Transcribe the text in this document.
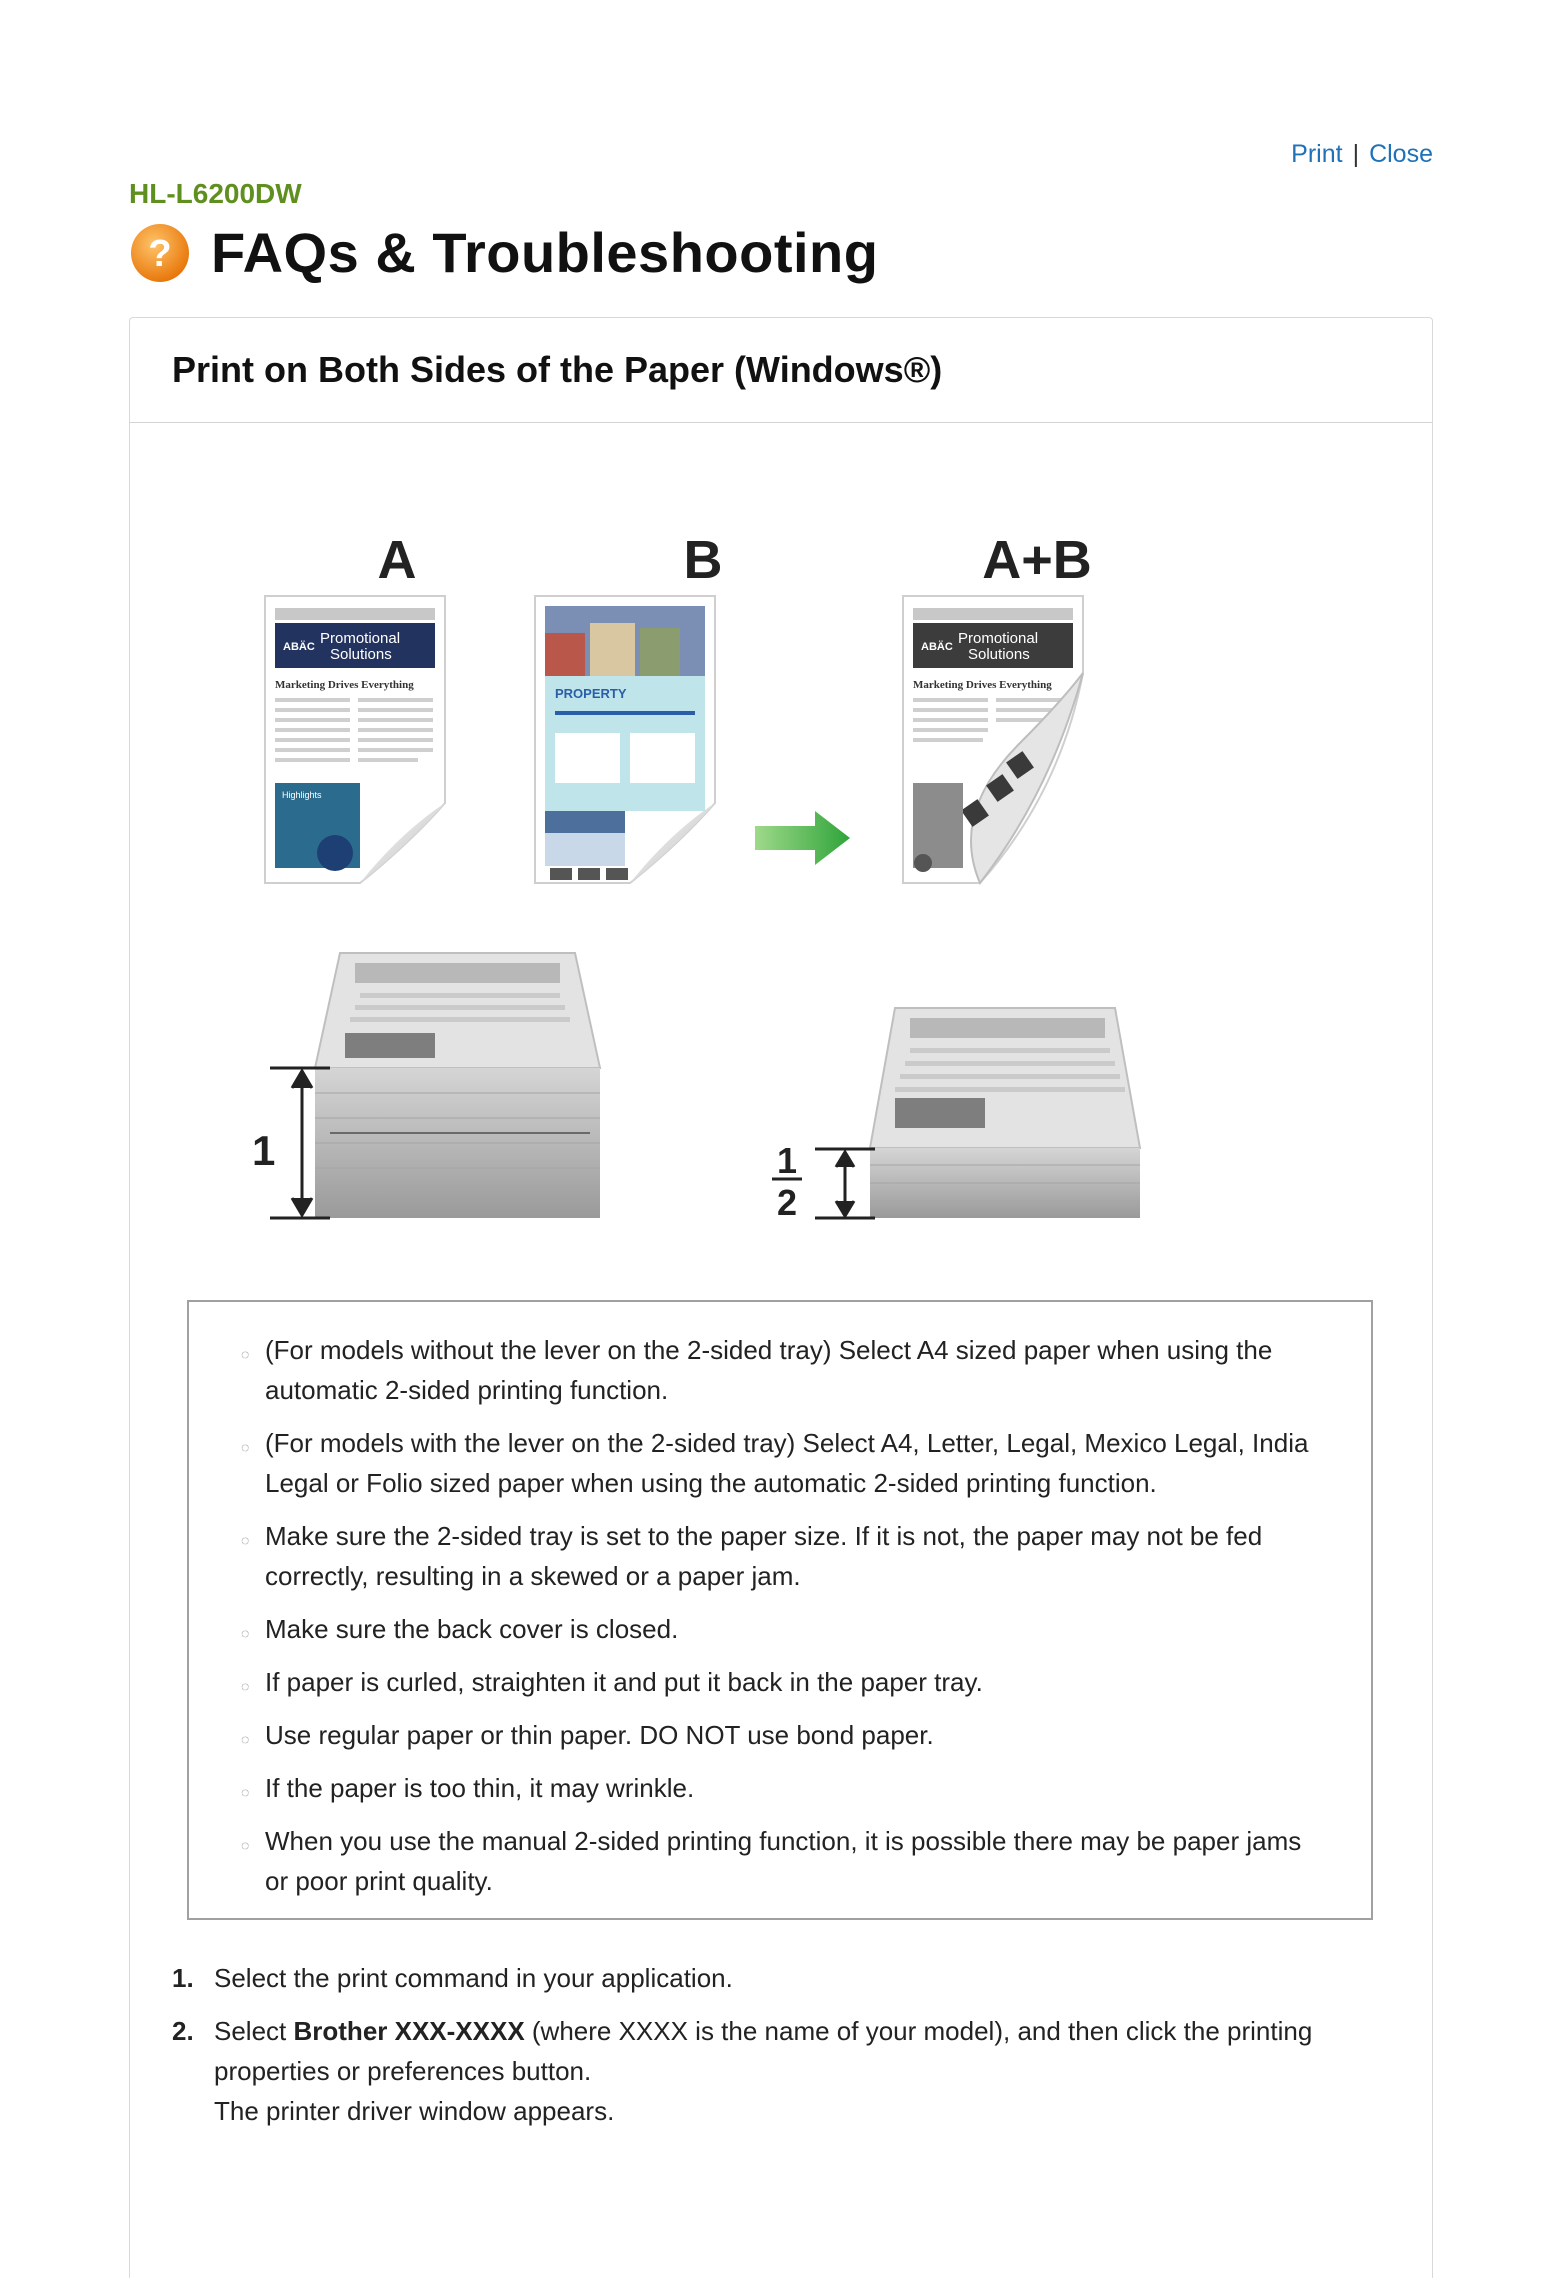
Print | Close
HL-L6200DW
? FAQs & Troubleshooting
Print on Both Sides of the Paper (Windows®)
A	B	A+B
ABÄC Promotional
Solutions
Marketing Drives Everything
Highlights
PROPERTY
ABÄC Promotional
Solutions
Marketing Drives Everything
1	1
2
◌ (For models without the lever on the 2-sided tray) Select A4 sized paper when using the automatic 2-sided printing function.
◌ (For models with the lever on the 2-sided tray) Select A4, Letter, Legal, Mexico Legal, India Legal or Folio sized paper when using the automatic 2-sided printing function.
◌ Make sure the 2-sided tray is set to the paper size. If it is not, the paper may not be fed correctly, resulting in a skewed or a paper jam.
◌ Make sure the back cover is closed.
◌ If paper is curled, straighten it and put it back in the paper tray.
◌ Use regular paper or thin paper. DO NOT use bond paper.
◌ If the paper is too thin, it may wrinkle.
◌ When you use the manual 2-sided printing function, it is possible there may be paper jams or poor print quality.
1. Select the print command in your application.
2. Select Brother XXX-XXXX (where XXXX is the name of your model), and then click the printing properties or preferences button.
The printer driver window appears.
